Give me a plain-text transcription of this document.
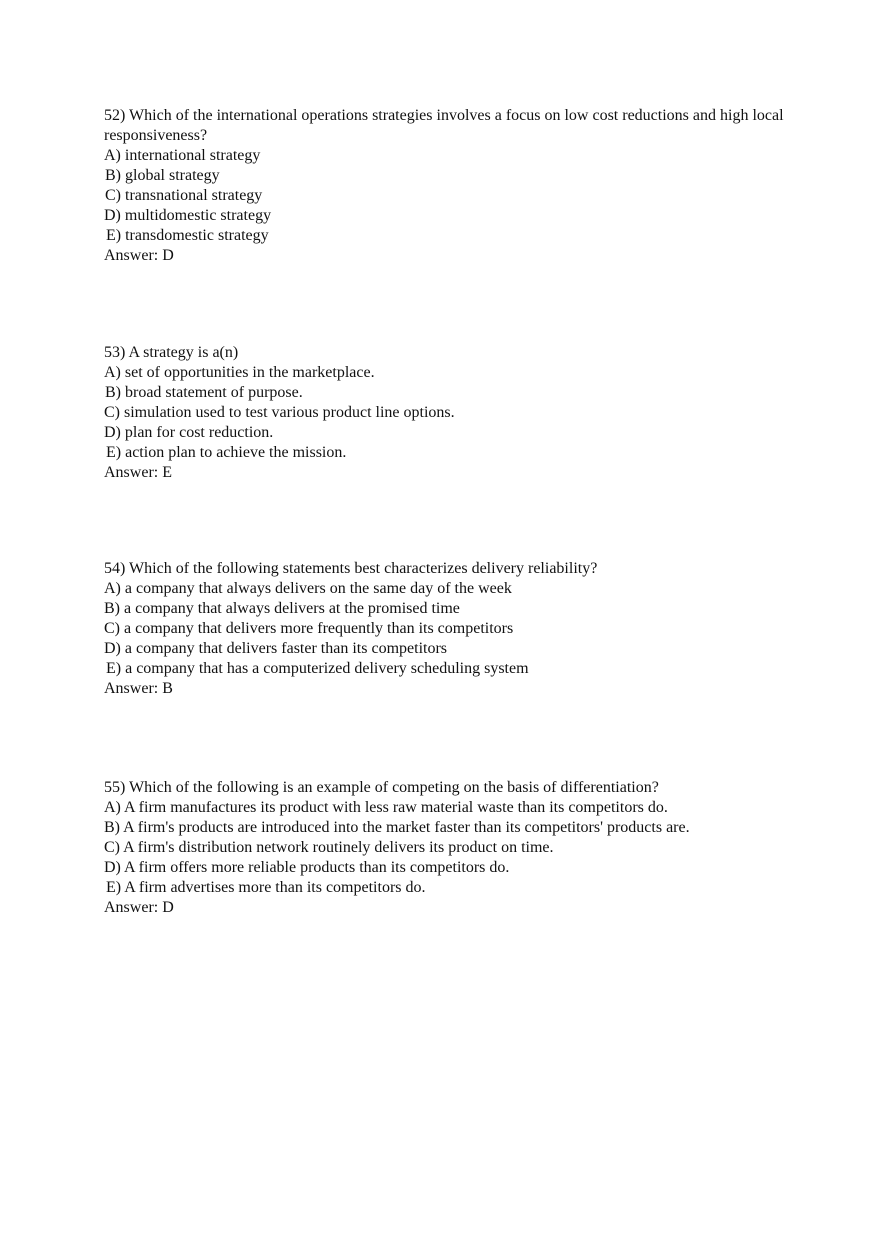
52) Which of the international operations strategies involves a focus on low cost reductions and high local responsiveness?
A) international strategy
B) global strategy
C) transnational strategy
D) multidomestic strategy
E) transdomestic strategy
Answer: D
53) A strategy is a(n)
A) set of opportunities in the marketplace.
B) broad statement of purpose.
C) simulation used to test various product line options.
D) plan for cost reduction.
E) action plan to achieve the mission.
Answer: E
54) Which of the following statements best characterizes delivery reliability?
A) a company that always delivers on the same day of the week
B) a company that always delivers at the promised time
C) a company that delivers more frequently than its competitors
D) a company that delivers faster than its competitors
E) a company that has a computerized delivery scheduling system
Answer: B
55) Which of the following is an example of competing on the basis of differentiation?
A) A firm manufactures its product with less raw material waste than its competitors do.
B) A firm's products are introduced into the market faster than its competitors' products are.
C) A firm's distribution network routinely delivers its product on time.
D) A firm offers more reliable products than its competitors do.
E) A firm advertises more than its competitors do.
Answer: D
